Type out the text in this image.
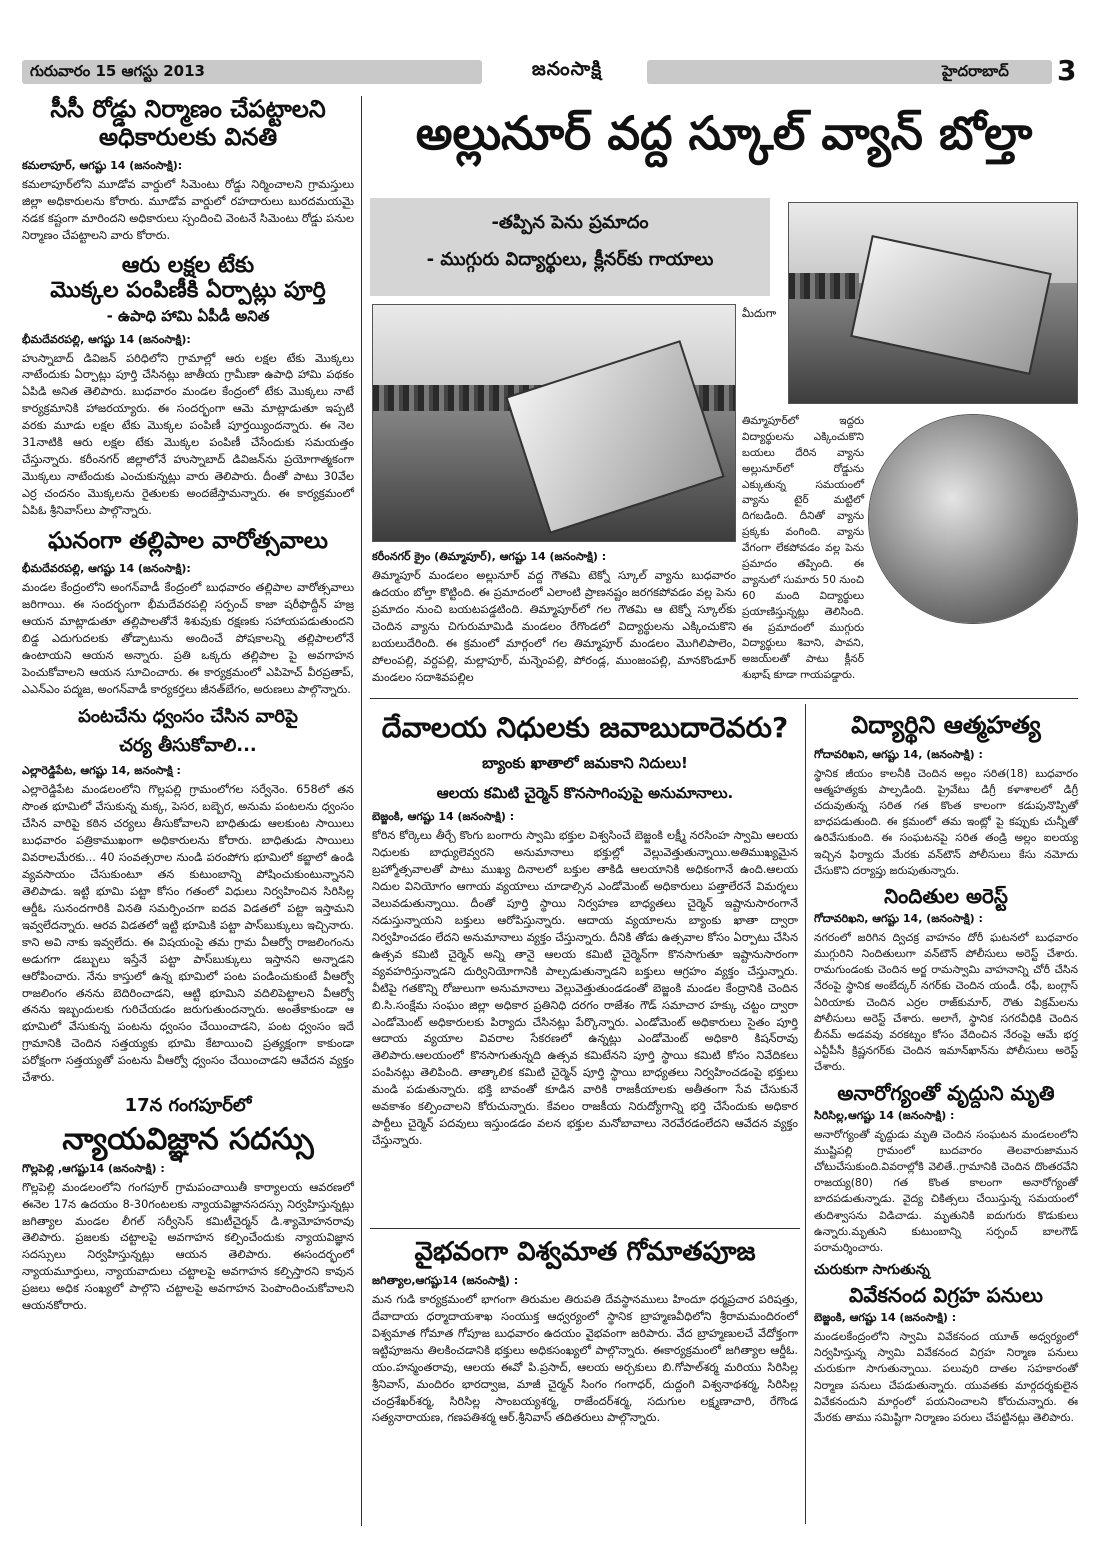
గురువారం 15 ఆగస్టు 2013	జనంసాక్షి	హైదరాబాద్ 3
సీసీ రోడ్డు నిర్మాణం చేపట్టాలని అధికారులకు వినతి
కమలాపూర్, ఆగష్టు 14 (జనంసాక్షి):

కమలాపూర్‌లోని మూడోవ వార్డులో సిమెంటు రోడ్డు నిర్మించాలని గ్రామస్తులు జిల్లా అధికారులను కోరారు. మూడోవ వార్డులో రహదారులు బురదమయమై నడక కష్టంగా మారిందని అధికారులు స్పందించి వెంటనే సిమెంటు రోడ్డు పనుల నిర్మాణం చేపట్టాలని వారు కోరారు.

ఆరు లక్షల టేకు
మొక్కల పంపిణీకి ఏర్పాట్లు పూర్తి
- ఉపాధి హామి ఏపీడీ అనిత
భీమదేవరపల్లి, ఆగష్టు 14 (జనంసాక్షి):

హుస్నాబాద్ డివిజన్ పరిధిలోని గ్రామాల్లో ఆరు లక్షల టేకు మొక్కలు నాటేందుకు ఏర్పాట్లు పూర్తి చేసినట్లు జాతీయ గ్రామీణా ఉపాధి హామి పథకం ఏపిడి అనిత తెలిపారు. బుధవారం మండల కేంద్రంలో టేకు మొక్కలు నాటే కార్యక్రమానికి హాజరయ్యారు. ఈ సందర్భంగా ఆమె మాట్లాడుతూ ఇప్పటి వరకు మూడు లక్షల టేకు మొక్కల పంపిణీ పూర్తయ్యిందన్నారు. ఈ నెల 31నాటికి ఆరు లక్షల టేకు మొక్కల పంపిణీ చేసేందుకు సమయత్తం చేస్తున్నారు. కరీంనగర్ జిల్లాలోనే హుస్నాబాద్ డివిజన్‌ను ప్రయోగాత్మకంగా మొక్కలు నాటేందుకు ఎంచుకున్నట్లు వారు తెలిపారు. దీంతో పాటు 30వేల ఎర్ర చందనం మొక్కలను రైతులకు అందజేస్తామన్నారు. ఈ కార్యక్రమంలో ఏపిఓ శ్రీనివాస్‌లు పాల్గొన్నారు.

ఘనంగా తల్లిపాల వారోత్సవాలు
భీమదేవరపల్లి, ఆగష్టు 14 (జనంసాక్షి):

మండల కేంద్రంలోని అంగన్‌వాడీ కేంద్రంలో బుధవారం తల్లిపాల వారోత్సవాలు జరిగాయి. ఈ సందర్భంగా భీమదేవరపల్లి సర్పంచ్ కాజా షరీఫొద్దీన్ హజ్ర ఆయన మాట్లాడుతూ తల్లిపాలతోనే శిశువుకు రక్షణకు సహాయపడుతుందని బిడ్డ ఎదుగుదలకు తోడ్పాటును అందించే పోషకాలన్ని తల్లిపాలలోనే ఉంటాయని ఆయన అన్నారు. ప్రతి ఒక్కరు తల్లిపాల పై అవగాహన పెంచుకోవాలని ఆయన సూచించారు. ఈ కార్యక్రమంలో ఎపిహెచ్ వీరప్రతాప్, ఎఎన్ఎం పద్మజ, అంగన్‌వాడీ కార్యకర్తలు జీనత్‌బేగం, అరుణలు పాల్గొన్నారు.

పంటచేను ధ్వంసం చేసిన వారిపై
చర్య తీసుకోవాలి...
ఎల్లారెడ్డిపేట, ఆగష్టు 14, జనంసాక్షి :

ఎల్లారెడ్డిపేట మండలంలోని గొల్లపల్లి గ్రామంలోగల సర్వేనెం. 658లో తన సొంత భూమిలో వేసుకున్న మక్క, పెసర, బబ్బెర, అనుమ పంటలను ధ్వంసం చేసిన వారిపై కఠిన చర్యలు తీసుకోవాలని బాధితుడు ఆలకుంట సాయిలు బుధవారం పత్రికాముఖంగా అధికారులను కోరారు. బాధితుడు సాయిలు వివరాలమేరకు... 40 సంవత్సరాల నుండి పరంపోగు భూమిలో కబ్జాలో ఉండి వ్యవసాయం చేసుకుంటూ తన కుటుంబాన్ని పోషించుకుంటున్నానని తెలిపాడు. ఇట్టి భూమి పట్టా కోసం గతంలో విధులు నిర్వహించిన సిరిసిల్ల ఆర్డీఓ సునందగారికి వినతి సమర్పించగా ఐదవ విడతలో పట్టా ఇస్తామని ఇవ్వలేదన్నారు. ఆరవ విడతలో ఇట్టి భూమికి పట్టా పాస్‌బుక్కులు ఇచ్చినారు. కాని అవి నాకు ఇవ్వలేదు. ఈ విషయంపై తమ గ్రామ వీఆర్వో రాజలింగంను అడుగగా డబ్బులు ఇస్తేనే పట్టా పాస్‌బుక్కులు ఇస్తానని అన్నాడని ఆరోపించారు. నేను కాస్తులో ఉన్న భూమిలో పంట పండించుకుంటే వీఆర్వో రాజలింగం తనను బెదిరించాడని, ఆట్టి భూమిని వదిలిపెట్టాలని వీఆర్వో తనను ఇబ్బందులకు గురిచేయడం జరుగుతుందన్నారు. అంతేకాకుండా ఆ భూమిలో వేసుకున్న పంటను ధ్వంసం చేయించాడని, పంట ధ్వంసం ఇదే గ్రామానికి చెందిన సత్తయ్యకు భూమి కేటాయించి ప్రత్యక్షంగా కాకుండా పరోక్షంగా సత్తయ్యతో పంటను వీఆర్వో ధ్వంసం చేయించాడని ఆవేదన వ్యక్తం చేశారు.

17న గంగపూర్‌లో
న్యాయవిజ్ఞాన సదస్సు
గొల్లపెల్లి ,ఆగష్టు14 (జనంసాక్షి) :

గొల్లపెల్లి మండలంలోని గంగపూర్ గ్రామపంచాయితీ కార్యాలయ ఆవరణలో ఈనెల 17న ఉదయం 8-30గంటలకు న్యాయవిజ్ఞానసదస్సు నిర్వహిస్తున్నట్లు జగిత్యాల మండల లీగల్ సర్వీసెస్ కమిటీచైర్మన్ డి.శ్యామోహనరావు తెలిపారు. ప్రజలకు చట్టాలపై అవగాహన కల్పించేందుకు న్యాయవిజ్ఞాన సదస్సులు నిర్వహిస్తున్నట్లు ఆయన తెలిపారు. ఈసందర్భంలో న్యాయమూర్తులు, న్యాయవాదులు చట్టాలపై అవగాహన కల్పిస్తారని కావున ప్రజలు అధిక సంఖ్యలో పాల్గొని చట్టాలపై అవగాహన పెంపొందించుకోవాలని ఆయనకోరారు.

అల్లునూర్ వద్ద స్కూల్ వ్యాన్ బోల్తా
-తప్పిన పెను ప్రమాదం
- ముగ్గురు విద్యార్థులు, క్లీనర్‌కు గాయాలు

మీదుగా

తిమ్మాపూర్‌లో ఇద్దరు విద్యార్థులను ఎక్కించుకొని బయలు దేరిన వ్యాను అల్లునూర్‌లో రోడ్డును ఎక్కుతున్న సమయంలో వ్యాను టైర్ మట్టిలో దిగబడింది. దీనితో వ్యాను ప్రక్కకు వంగింది. వ్యాను వేగంగా లేకపోవడం వల్ల పెను ప్రమాదం తప్పింది. ఈ వ్యానులో సుమారు 50 నుంచి 60 మంది విద్యార్థులు ప్రయాణిస్తున్నట్లు తెలిసింది. ఈ ప్రమాదంలో ముగ్గురు విద్యార్థులు శివాని, పావని, అజయ్‌లతో పాటు క్లీనర్ శుభాష్ కూడా గాయపడ్డారు.

కరీంనగర్ క్రైం (తిమ్మాపూర్), ఆగష్టు 14 (జనంసాక్షి) :

తిమ్మాపూర్ మండలం అల్లునూర్ వద్ద గౌతమి టెక్నో స్కూల్ వ్యాను బుధవారం ఉదయం బోల్తా కొట్టింది. ఈ ప్రమాదంలో ఎలాంటి ప్రాణనష్టం జరగకపోవడం వల్ల పెను ప్రమాదం నుంచి బయటపడ్డటింది. తిమ్మాపూర్‌లో గల గౌతమి ఆ టెక్నో స్కూల్‌కు చెందిన వ్యాను చిగురుమామిడి మండలం రేగొండలో విద్యార్థులను ఎక్కించుకొని బయలుదేరింది. ఈ క్రమంలో మార్గంలో గల తిమ్మాపూర్ మండలం మొగిలిపాలెం, పోలంపల్లి, వర్దపల్లి, మల్లాపూర్, మన్నెంపల్లి, పోరండ్ల, ముంజంపల్లి, మానకొండూర్ మండలం సదాశివపల్లిల

దేవాలయ నిధులకు జవాబుదారెవరు?
బ్యాంకు ఖాతాలో జమకాని నిదులు!
ఆలయ కమిటి చైర్మెన్ కొనసాగింపుపై అనుమానాలు.
బెజ్జంకి, ఆగష్టు 14 (జనంసాక్షి) :

కోరిన కోర్కెలు తీర్చే కొంగు బంగారు స్వామి భక్తుల విశ్వసించే బెజ్జంకి లక్ష్మీ నరసింహ స్వామి ఆలయ నిధులకు బాధ్యులెవ్వరని అనుమానాలు భక్తుల్లో వెల్లువెత్తుతున్నాయి.అతిముఖ్యమైన బ్రహ్మోత్సవాలతో పాటు ముఖ్య దినాలలో బక్తుల తాకిడి ఆలయానికి అధికంగానే ఉంది.ఆలయ నిదుల వినియోగం ఆగాయ వ్యయాలు చూడాల్సిన ఎండోమెంట్ అధికారులు పత్తాలేరనే విమర్శలు వెలువడుతున్నాయి. దీంతో పూర్తి స్థాయి నిర్వహణ బాధ్యతలు చైర్మెన్ ఇష్టానుసారంగానే నడుస్తున్నాయని బక్తులు ఆరోపిస్తున్నారు. ఆదాయ వ్యయాలను బ్యాంకు ఖాతా ద్వారా నిర్వహించడం లేదని అనుమానాలు వ్యక్తం చేస్తున్నారు. దీనికి తోడు ఉత్సవాల కోసం ఏర్పాటు చేసిన ఉత్సవ కమిటి చైర్మెన్ అన్ని తానై ఆలయ కమిటి చైర్మెన్‌గా కొనసాగుతూ ఇష్టానుసారంగా వ్యవహరిస్తున్నాడని దుర్వినియోగానికి పాల్పడుతున్నాడని బక్తులు ఆగ్రహం వ్యక్తం చేస్తున్నారు. వీటిపై గతకొన్ని రోజులుగా అనుమానాలు వెల్లువెత్తుతుండడంతో బెజ్జంకి మండల కేంద్రానికి చెందిన బి.సి.సంక్షేమ సంఘం జిల్లా అధికార ప్రతినిధి దరగం రాజేశం గౌడ్ సమాచార హక్కు చట్టం ద్వారా ఎండోమెంట్ అధికారులకు పిర్యాదు చేసినట్లు పేర్కొన్నారు. ఎండోమెంట్ అధికారులు సైతం పూర్తి ఆదాయ వ్యయాల వివరాల సేకరణలో ఉన్నట్లు ఎండోమెంట్ అధికారి కిషన్‌రావు తెలిపారు.ఆలయంలో కొనసాగుతున్నది ఉత్సవ కమిటేనని పూర్తి స్థాయి కమిటి కోసం నివేదికలు పంపినట్లు తెలిపింది. తాత్కాలిక కమిటి చైర్మెన్ పూర్తి స్థాయి బాధ్యతలు నిర్వహించడంపై భక్తులు మండి పడుతున్నారు. భక్తి బావంతో కూడిన వారికి రాజకీయాలకు అతీతంగా సేవ చేసుకునే అవకాశం కల్పించాలని కోరుచున్నారు. కేవలం రాజకీయ నిరుద్యోగాన్ని భర్తి చేసేందుకు అధికార పార్టీలు చైర్మెన్ పదవులు ఇస్తుండడం వలన భక్తుల మనోబావాలు నెరవేరడంలేదని ఆవేదన వ్యక్తం చేస్తున్నారు.

వైభవంగా విశ్వమాత గోమాతపూజ
జగిత్యాల,ఆగష్టు14 (జనంసాక్షి) :

మన గుడి కార్యక్రమంలో భాగంగా తిరుమల తిరుపతి దేవస్థానములు హిందూ ధర్మప్రచార పరిషత్తు, దేవాదాయ ధర్మాదాయశాఖ సంయుక్త ఆధ్వర్యంలో స్థానిక బ్రాహ్మణవీధిలోని శ్రీరామమందిరంలో విశ్వమాత గోమాత గోపూజ బుధవారం ఉదయం వైభవంగా జరిపారు. వేద బ్రాహ్మణులచే వేదోక్తంగా ఇట్టిపూజను తిలకించడానికి భక్తులు అధికసంఖ్యలో పాల్గొన్నారు. ఈకార్యక్రమంలో జగిత్యాల ఆర్డీఓ. యం.హన్మంతరావు, ఆలయ ఈవో పి.ప్రసాద్, ఆలయ అర్చకులు బి.గోపాల్‌శర్మ మరియు సిరిసిల్ల శ్రీనివాస్, మందిరం భారద్వాజ, మాజీ చైర్మన్ సింగం గంగాధర్, దుద్దంగి విశ్వనాథశర్మ, సిరిసిల్ల చంద్రశేఖర్‌శర్మ, సిరిసిల్ల సాంబయ్యశర్మ, రాజేందర్‌శర్మ, సదుగుల లక్ష్మణాచారి, రేగొండ సత్యనారాయణ, గణపతిశర్మ ఆర్.శ్రీనివాస్ తదితరులు పాల్గొన్నారు.

విద్యార్థిని ఆత్మహత్య
గోదావరిఖని, ఆగష్టు 14, (జనంసాక్షి) :

స్థానిక జీయం కాలనీకి చెందిన అల్లం సరిత(18) బుధవారం ఆత్మహత్యకు పాల్పడింది. ప్రైవేటు డిగ్రీ కళాశాలలో డిగ్రీ చదువుతున్న సరిత గత కొంత కాలంగా కడుపునొప్పితో బాధపడుతుంది. ఈ క్రమంలో తమ ఇంట్లో పై కప్పుకు చున్నీతో ఉరివేసుకుంది. ఈ సంఘటనపై సరిత తండ్రి అల్లం ఐలయ్య ఇచ్చిన ఫిర్యాదు మేరకు వన్‌టౌన్ పోలీసులు కేసు నమోదు చేసుకొని దర్యాప్తు జరుపుతున్నారు.

నిందితుల అరెస్ట్
గోదావరిఖని, ఆగష్టు 14, (జనంసాక్షి) :

నగరంలో జరిగిన ద్విచక్ర వాహనం దోరీ ఘటనలో బుధవారం ముగ్గురిని నిందితులుగా వన్‌టౌన్ పోలీసులు అరెస్ట్ చేశారు. రామగుండంకు చెందిన అర్జ రామస్వామి వాహనాన్ని చోరీ చేసిన నేరంపై స్థానిక అంబేద్కర్ నగర్‌కు చెందిన యండీ. రఫీ, బంగ్లాస్ ఏరియాకు చెందిన ఎర్రల రాజ్‌కుమార్, రౌతు విక్రమ్‌లను పోలీసులు అరెస్ట్ చేశారు. అలాగే, స్థానిక సగరవీధికి చెందిన బీనమ్ అడవవు వరకట్నం కోసం వేదించిన నేరంపై ఆమే భర్త ఎన్టీపీసీ క్రిష్ణనగర్‌కు చెందిన ఇమాన్‌ఖాన్‌ను పోలీసులు అరెస్ట్ చేశారు.

అనారోగ్యంతో వృద్దుని మృతి
సిరిసిల్ల,ఆగష్టు 14 (జనంసాక్షి) :

అనారోగ్యంతో వృద్దుడు మృతి చెందిన సంఘటన మండలంలోని ముష్టిపల్లి గ్రామంలో బుదవారం తెలవారుజామున చోటుచేసుకుంది.వివరాల్లోకి వెలితే..గ్రామానికి చెందిన దొంతరవేని రాజయ్య(80) గత కొంత కాలంగా అనారోగ్యంతో బాదపడుతున్నాడు. వైద్య చికిత్సలు చేయిస్తున్న సమయంలో తుదిశ్వాసను విడిచాడు. మృతునికి ఐదుగురు కొడుకులు ఉన్నారు.మృతుని కుటుంబాన్ని సర్పంచ్ బాలగౌడ్ పరామర్శించారు.

చురుకుగా సాగుతున్న
వివేకనంద విగ్రహ పనులు
బెజ్జంకి, ఆగష్టు 14 (జనంసాక్షి) :

మండలకేంద్రంలోని స్వామి వివేకనంద యూత్ అధ్వర్యంలో నిర్వహిస్తున్న స్వామి వివేకనంద విగ్రహ నిర్మాణ పనులు చురుకుగా సాగుతున్నాయి. పలువురి దాతల సహకారంతో నిర్మాణ పనులు చేపడుతున్నారు. యువతకు మార్గదర్శకులైన వివేకనందుని మార్గంలో పయనించాలని కోరుచున్నారు. ఈ మేరకు తాము సమిష్టిగా నిర్మాణం పరులు చేపట్టినట్లు తెలిపారు.
